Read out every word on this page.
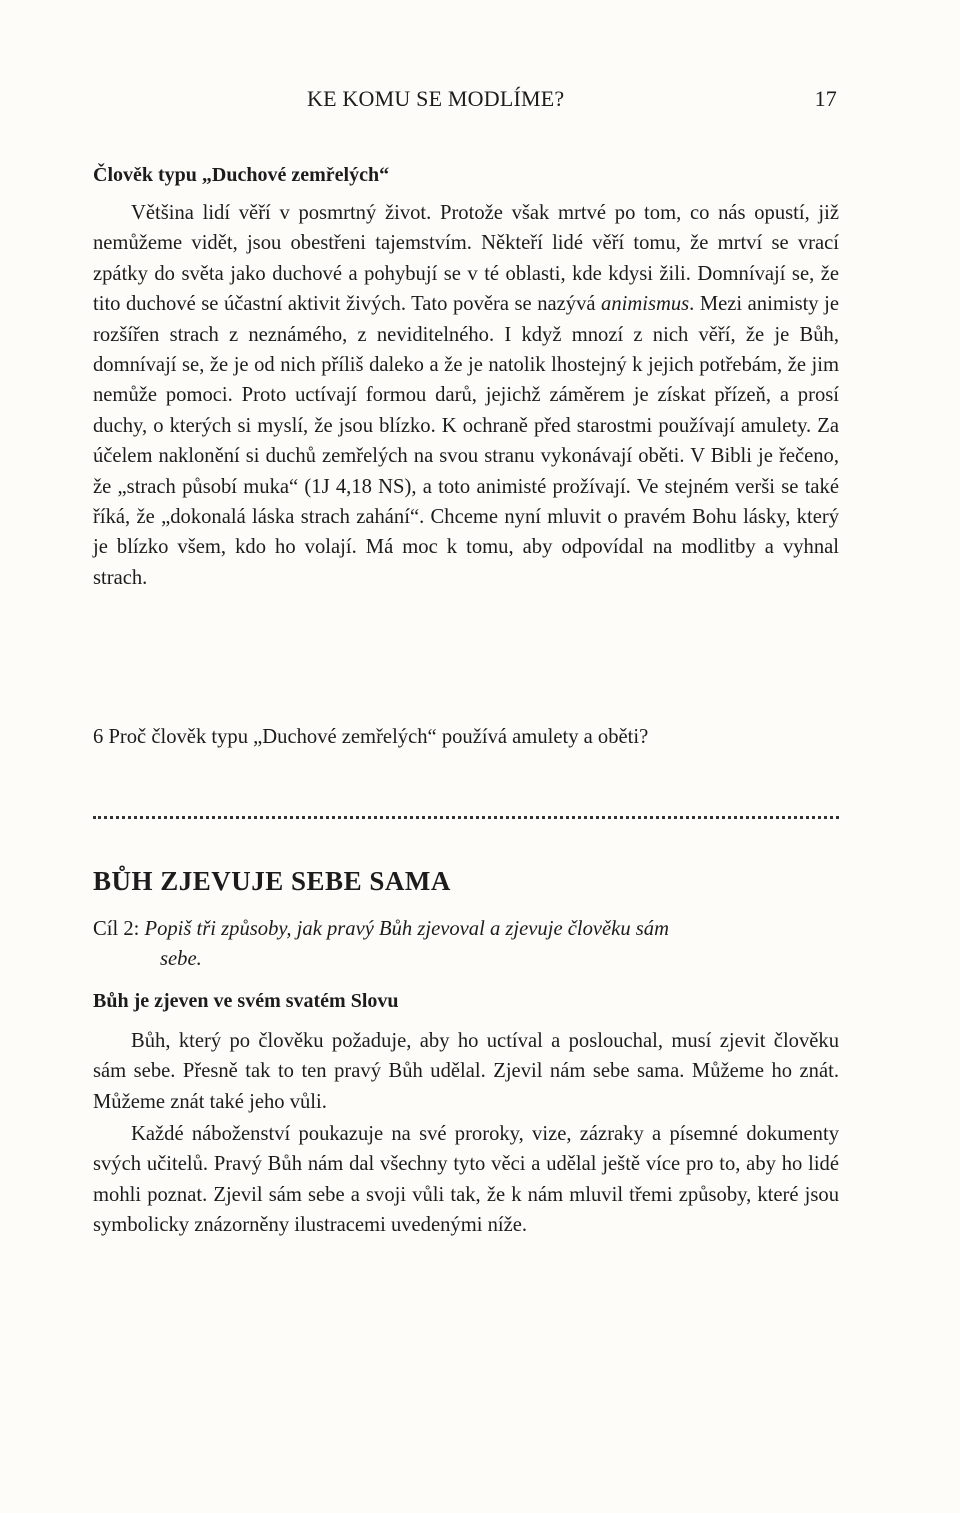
KE KOMU SE MODLÍME?	17
Člověk typu „Duchové zemřelých“

Většina lidí věří v posmrtný život. Protože však mrtvé po tom, co nás opustí, již nemůžeme vidět, jsou obestřeni tajemstvím. Někteří lidé věří tomu, že mrtví se vrací zpátky do světa jako duchové a pohybují se v té oblasti, kde kdysi žili. Domnívají se, že tito duchové se účastní aktivit živých. Tato pověra se nazývá animismus. Mezi animisty je rozšířen strach z neznámého, z neviditelného. I když mnozí z nich věří, že je Bůh, domnívají se, že je od nich příliš daleko a že je natolik lhostejný k jejich potřebám, že jim nemůže pomoci. Proto uctívají formou darů, jejichž záměrem je získat přízeň, a prosí duchy, o kterých si myslí, že jsou blízko. K ochraně před starostmi používají amulety. Za účelem naklonění si duchů zemřelých na svou stranu vykonávají oběti. V Bibli je řečeno, že „strach působí muka“ (1J 4,18 NS), a toto animisté prožívají. Ve stejném verši se také říká, že „dokonalá láska strach zahání“. Chceme nyní mluvit o pravém Bohu lásky, který je blízko všem, kdo ho volají. Má moc k tomu, aby odpovídal na modlitby a vyhnal strach.

6 Proč člověk typu „Duchové zemřelých“ používá amulety a oběti?

BŮH ZJEVUJE SEBE SAMA
Cíl 2: Popiš tři způsoby, jak pravý Bůh zjevoval a zjevuje člověku sám
sebe.
Bůh je zjeven ve svém svatém Slovu

Bůh, který po člověku požaduje, aby ho uctíval a poslouchal, musí zjevit člověku sám sebe. Přesně tak to ten pravý Bůh udělal. Zjevil nám sebe sama. Můžeme ho znát. Můžeme znát také jeho vůli.

Každé náboženství poukazuje na své proroky, vize, zázraky a písemné dokumenty svých učitelů. Pravý Bůh nám dal všechny tyto věci a udělal ještě více pro to, aby ho lidé mohli poznat. Zjevil sám sebe a svoji vůli tak, že k nám mluvil třemi způsoby, které jsou symbolicky znázorněny ilustracemi uvedenými níže.
